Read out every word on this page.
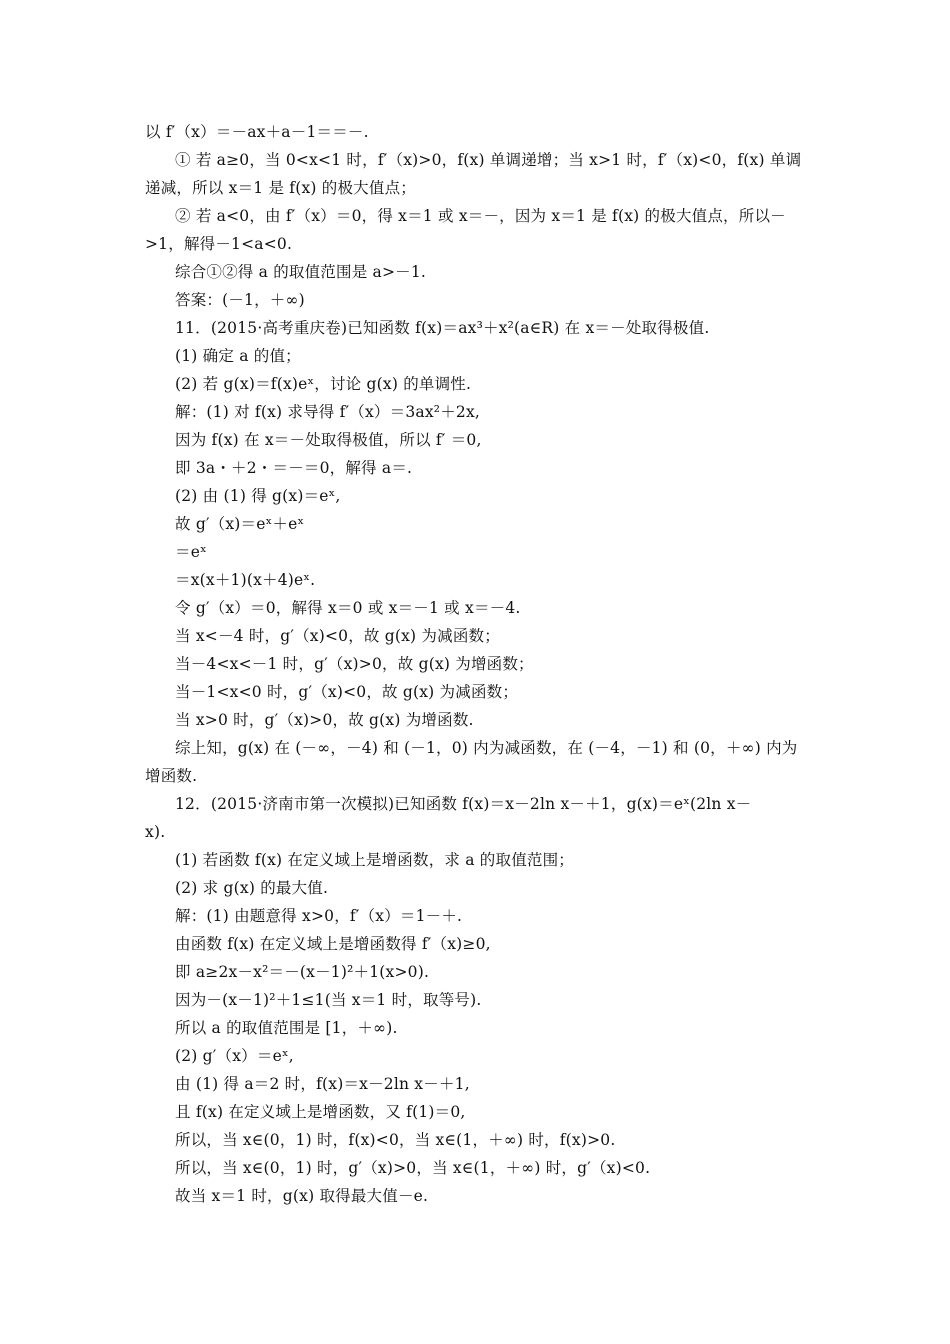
以 f′（x）＝－ax＋a－1＝＝－.
① 若 a≥0，当 0<x<1 时，f′（x)>0，f(x) 单调递增；当 x>1 时，f′（x)<0，f(x) 单调
递减，所以 x＝1 是 f(x) 的极大值点；
② 若 a<0，由 f′（x）＝0，得 x＝1 或 x＝－，因为 x＝1 是 f(x) 的极大值点，所以－
>1，解得－1<a<0.
综合①②得 a 的取值范围是 a>－1.
答案：(－1，＋∞)
11．(2015·高考重庆卷)已知函数 f(x)＝ax³＋x²(a∈R) 在 x＝－处取得极值.
(1) 确定 a 的值；
(2) 若 g(x)＝f(x)eˣ，讨论 g(x) 的单调性.
解：(1) 对 f(x) 求导得 f′（x）＝3ax²＋2x,
因为 f(x) 在 x＝－处取得极值，所以 f′ ＝0,
即 3a・＋2・＝－＝0，解得 a＝.
(2) 由 (1) 得 g(x)＝eˣ,
故 g′（x)＝eˣ＋eˣ
＝eˣ
＝x(x＋1)(x＋4)eˣ.
令 g′（x）＝0，解得 x＝0 或 x＝－1 或 x＝－4.
当 x<－4 时，g′（x)<0，故 g(x) 为减函数；
当－4<x<－1 时，g′（x)>0，故 g(x) 为增函数；
当－1<x<0 时，g′（x)<0，故 g(x) 为减函数；
当 x>0 时，g′（x)>0，故 g(x) 为增函数.
综上知，g(x) 在 (－∞，－4) 和 (－1，0) 内为减函数，在 (－4，－1) 和 (0，＋∞) 内为
增函数.
12．(2015·济南市第一次模拟)已知函数 f(x)＝x－2ln x－＋1，g(x)＝eˣ(2ln x－
x).
(1) 若函数 f(x) 在定义域上是增函数，求 a 的取值范围；
(2) 求 g(x) 的最大值.
解：(1) 由题意得 x>0，f′（x）＝1－＋.
由函数 f(x) 在定义域上是增函数得 f′（x)≥0,
即 a≥2x－x²＝－(x－1)²＋1(x>0).
因为－(x－1)²＋1≤1(当 x＝1 时，取等号).
所以 a 的取值范围是 [1，＋∞).
(2) g′（x）＝eˣ,
由 (1) 得 a＝2 时，f(x)＝x－2ln x－＋1,
且 f(x) 在定义域上是增函数，又 f(1)＝0,
所以，当 x∈(0，1) 时，f(x)<0，当 x∈(1，＋∞) 时，f(x)>0.
所以，当 x∈(0，1) 时，g′（x)>0，当 x∈(1，＋∞) 时，g′（x)<0.
故当 x＝1 时，g(x) 取得最大值－e.
